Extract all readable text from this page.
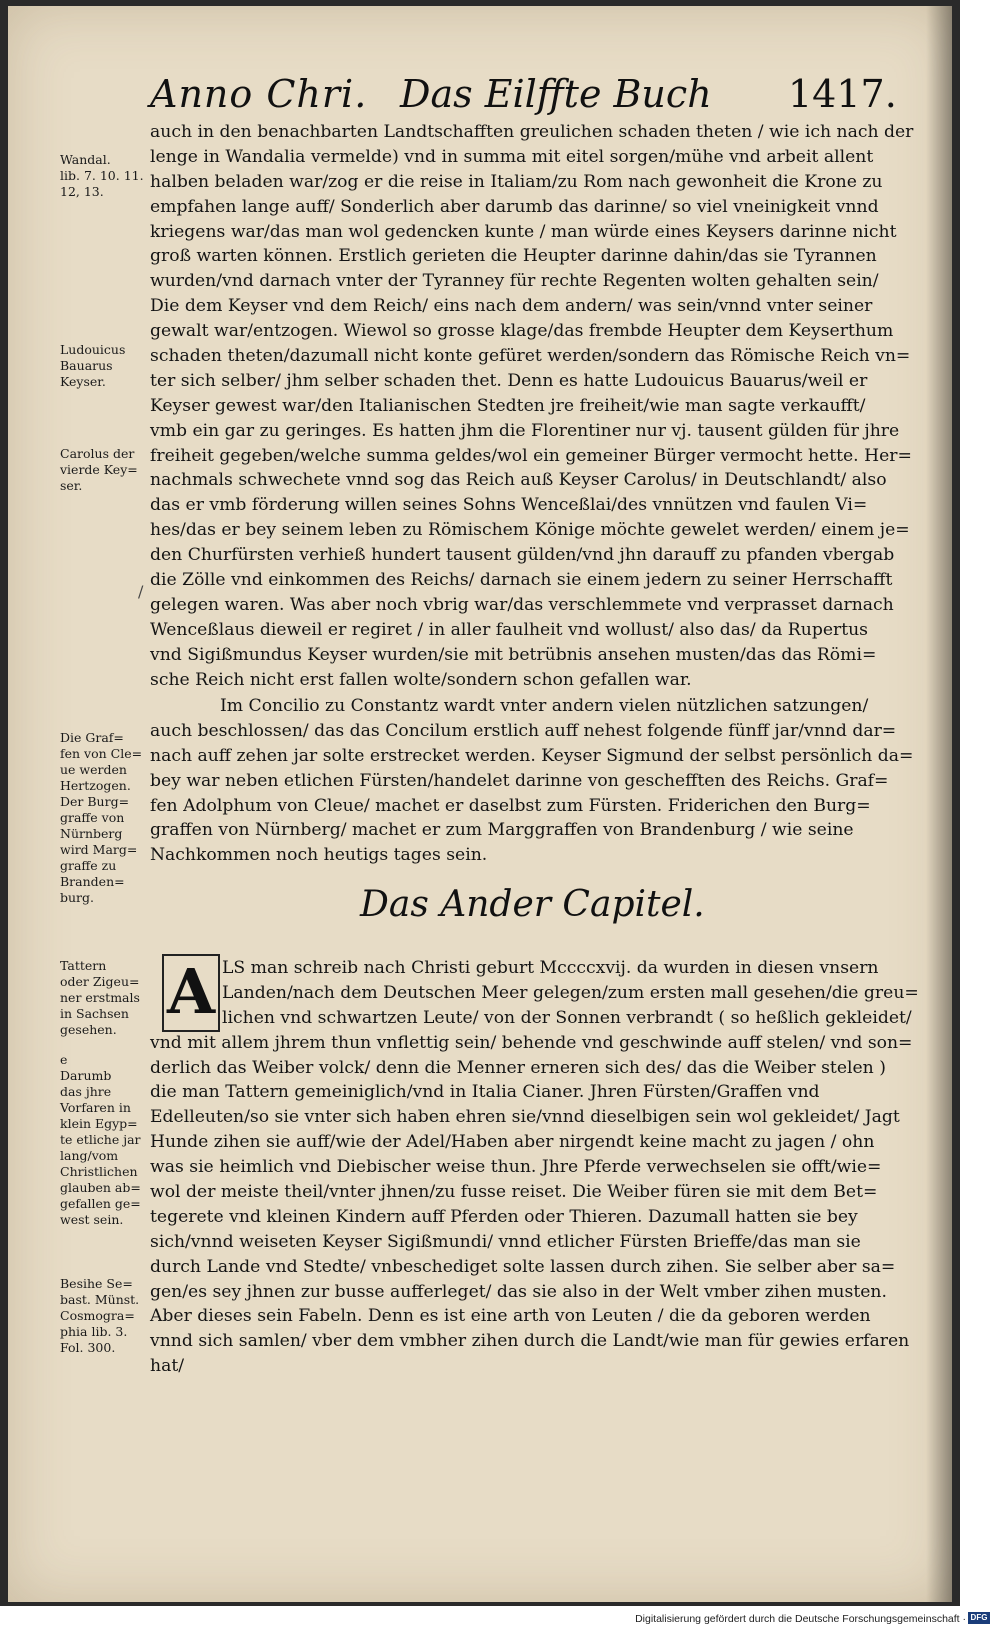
Anno Chri. Das Eilffte Buch 1417.
Wandal.
lib. 7. 10. 11.
12, 13.
Ludouicus
Bauarus
Keyser.
Carolus der
vierde Key=
ser.
Die Graf=
fen von Cle=
ue werden
Hertzogen.
Der Burg=
graffe von
Nürnberg
wird Marg=
graffe zu
Branden=
burg.
Tattern
oder Zigeu=
ner erstmals
in Sachsen
gesehen.
e
Darumb
das jhre
Vorfaren in
klein Egyp=
te etliche jar
lang/vom
Christlichen
glauben ab=
gefallen ge=
west sein.
Besihe Se=
bast. Münst.
Cosmogra=
phia lib. 3.
Fol. 300.
auch in den benachbarten Landtschafften greulichen schaden theten / wie ich nach der
lenge in Wandalia vermelde) vnd in summa mit eitel sorgen/mühe vnd arbeit allent
halben beladen war/zog er die reise in Italiam/zu Rom nach gewonheit die Krone zu
empfahen lange auff/ Sonderlich aber darumb das darinne/ so viel vneinigkeit vnnd
kriegens war/das man wol gedencken kunte / man würde eines Keysers darinne nicht
groß warten können. Erstlich gerieten die Heupter darinne dahin/das sie Tyrannen
wurden/vnd darnach vnter der Tyranney für rechte Regenten wolten gehalten sein/
Die dem Keyser vnd dem Reich/ eins nach dem andern/ was sein/vnnd vnter seiner
gewalt war/entzogen. Wiewol so grosse klage/das frembde Heupter dem Keyserthum
schaden theten/dazumall nicht konte gefüret werden/sondern das Römische Reich vn=
ter sich selber/ jhm selber schaden thet. Denn es hatte Ludouicus Bauarus/weil er
Keyser gewest war/den Italianischen Stedten jre freiheit/wie man sagte verkaufft/
vmb ein gar zu geringes. Es hatten jhm die Florentiner nur vj. tausent gülden für jhre
freiheit gegeben/welche summa geldes/wol ein gemeiner Bürger vermocht hette. Her=
nachmals schwechete vnnd sog das Reich auß Keyser Carolus/ in Deutschlandt/ also
das er vmb förderung willen seines Sohns Wenceßlai/des vnnützen vnd faulen Vi=
hes/das er bey seinem leben zu Römischem Könige möchte gewelet werden/ einem je=
den Churfürsten verhieß hundert tausent gülden/vnd jhn darauff zu pfanden vbergab
die Zölle vnd einkommen des Reichs/ darnach sie einem jedern zu seiner Herrschafft
gelegen waren. Was aber noch vbrig war/das verschlemmete vnd verprasset darnach
Wenceßlaus dieweil er regiret / in aller faulheit vnd wollust/ also das/ da Rupertus
vnd Sigißmundus Keyser wurden/sie mit betrübnis ansehen musten/das das Römi=
sche Reich nicht erst fallen wolte/sondern schon gefallen war.
Im Concilio zu Constantz wardt vnter andern vielen nützlichen satzungen/
auch beschlossen/ das das Concilum erstlich auff nehest folgende fünff jar/vnnd dar=
nach auff zehen jar solte erstrecket werden. Keyser Sigmund der selbst persönlich da=
bey war neben etlichen Fürsten/handelet darinne von geschefften des Reichs. Graf=
fen Adolphum von Cleue/ machet er daselbst zum Fürsten. Friderichen den Burg=
graffen von Nürnberg/ machet er zum Marggraffen von Brandenburg / wie seine
Nachkommen noch heutigs tages sein.
/
Das Ander Capitel.
A LS man schreib nach Christi geburt Mccccxvij. da wurden in diesen vnsern
Landen/nach dem Deutschen Meer gelegen/zum ersten mall gesehen/die greu=
lichen vnd schwartzen Leute/ von der Sonnen verbrandt ( so heßlich gekleidet/
vnd mit allem jhrem thun vnflettig sein/ behende vnd geschwinde auff stelen/ vnd son=
derlich das Weiber volck/ denn die Menner erneren sich des/ das die Weiber stelen )
die man Tattern gemeiniglich/vnd in Italia Cianer. Jhren Fürsten/Graffen vnd
Edelleuten/so sie vnter sich haben ehren sie/vnnd dieselbigen sein wol gekleidet/ Jagt
Hunde zihen sie auff/wie der Adel/Haben aber nirgendt keine macht zu jagen / ohn
was sie heimlich vnd Diebischer weise thun. Jhre Pferde verwechselen sie offt/wie=
wol der meiste theil/vnter jhnen/zu fusse reiset. Die Weiber füren sie mit dem Bet=
tegerete vnd kleinen Kindern auff Pferden oder Thieren. Dazumall hatten sie bey
sich/vnnd weiseten Keyser Sigißmundi/ vnnd etlicher Fürsten Brieffe/das man sie
durch Lande vnd Stedte/ vnbeschediget solte lassen durch zihen. Sie selber aber sa=
gen/es sey jhnen zur busse aufferleget/ das sie also in der Welt vmber zihen musten.
Aber dieses sein Fabeln. Denn es ist eine arth von Leuten / die da geboren werden
vnnd sich samlen/ vber dem vmbher zihen durch die Landt/wie man für gewies erfaren
hat/
Digitalisierung gefördert durch die Deutsche Forschungsgemeinschaft · DFG
